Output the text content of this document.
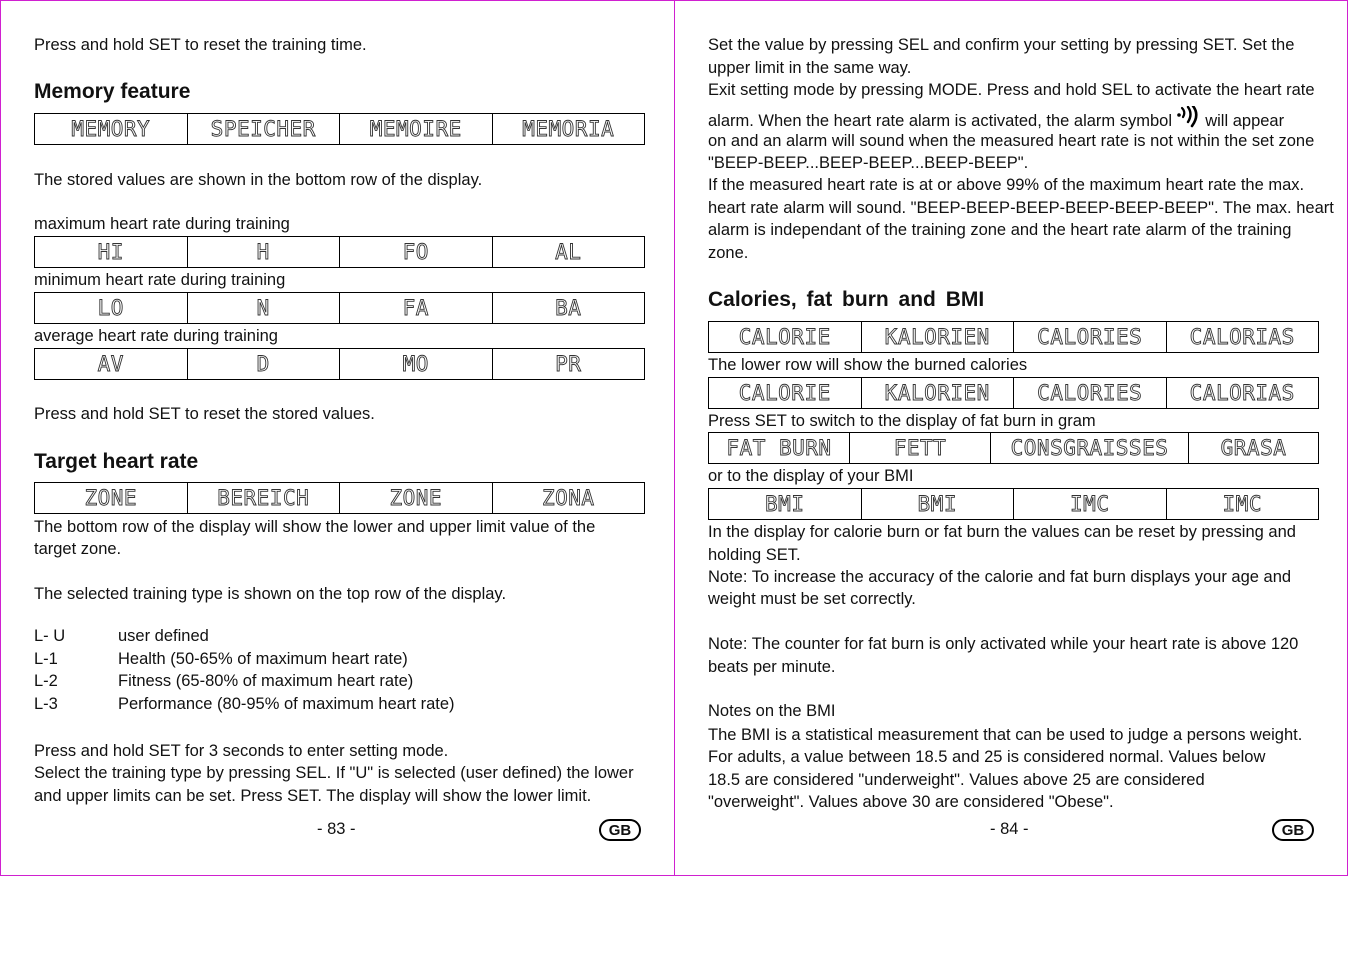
Press and hold SET to reset the training time.
Memory feature
MEMORY	SPEICHER	MEMOIRE	MEMORIA
The stored values are shown in the bottom row of the display.
maximum heart rate during training
HI	H	FO	AL
minimum heart rate during training
LO	N	FA	BA
average heart rate during training
AV	D	MO	PR
Press and hold SET to reset the stored values.
Target heart rate
ZONE	BEREICH	ZONE	ZONA
The bottom row of the display will show the lower and upper limit value of the
target zone.
The selected training type is shown on the top row of the display.
L- U	user defined
L-1	Health (50-65% of maximum heart rate)
L-2	Fitness (65-80% of maximum heart rate)
L-3	Performance (80-95% of maximum heart rate)
Press and hold SET for 3 seconds to enter setting mode.
Select the training type by pressing SEL. If "U" is selected (user defined) the lower
and upper limits can be set. Press SET. The display will show the lower limit.
- 83 -	GB
Set the value by pressing SEL and confirm your setting by pressing SET. Set the
upper limit in the same way.
Exit setting mode by pressing MODE. Press and hold SEL to activate the heart rate
alarm. When the heart rate alarm is activated, the alarm symbol will appear
on and an alarm will sound when the measured heart rate is not within the set zone
"BEEP-BEEP...BEEP-BEEP...BEEP-BEEP".
If the measured heart rate is at or above 99% of the maximum heart rate the max.
heart rate alarm will sound. "BEEP-BEEP-BEEP-BEEP-BEEP-BEEP". The max. heart
alarm is independant of the training zone and the heart rate alarm of the training
zone.
Calories, fat burn and BMI
CALORIE	KALORIEN	CALORIES	CALORIAS
The lower row will show the burned calories
CALORIE	KALORIEN	CALORIES	CALORIAS
Press SET to switch to the display of fat burn in gram
FAT BURN	FETT	CONSGRAISSES	GRASA
or to the display of your BMI
BMI	BMI	IMC	IMC
In the display for calorie burn or fat burn the values can be reset by pressing and
holding SET.
Note: To increase the accuracy of the calorie and fat burn displays your age and
weight must be set correctly.
Note: The counter for fat burn is only activated while your heart rate is above 120
beats per minute.
Notes on the BMI
The BMI is a statistical measurement that can be used to judge a persons weight.
For adults, a value between 18.5 and 25 is considered normal. Values below
18.5 are considered "underweight". Values above 25 are considered
"overweight". Values above 30 are considered "Obese".
- 84 -	GB
